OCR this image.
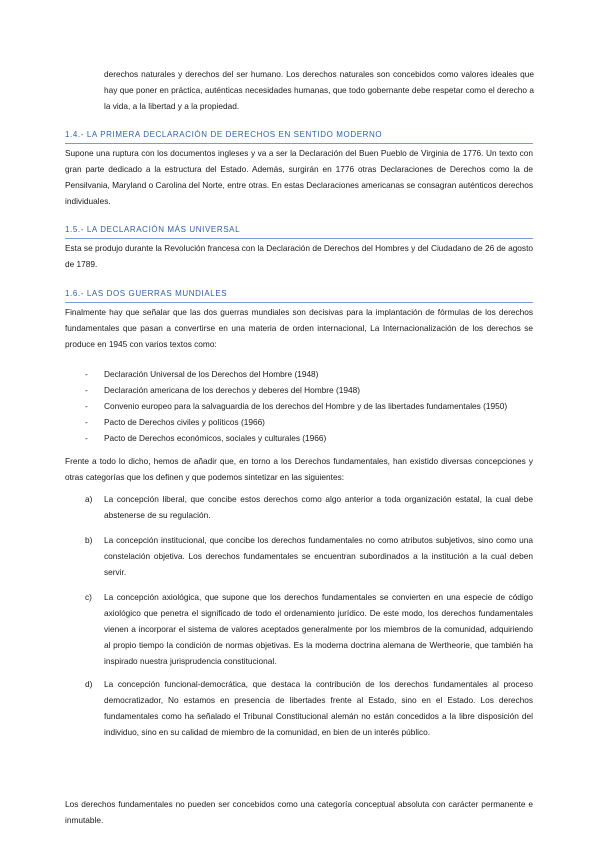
derechos naturales y derechos del ser humano. Los derechos naturales son concebidos como valores ideales que hay que poner en práctica, auténticas necesidades humanas, que todo gobernante debe respetar como el derecho a la vida, a la libertad y a la propiedad.

1.4.- LA PRIMERA DECLARACIÓN DE DERECHOS EN SENTIDO MODERNO

Supone una ruptura con los documentos ingleses y va a ser la Declaración del Buen Pueblo de Virginia de 1776. Un texto con gran parte dedicado a la estructura del Estado. Además, surgirán en 1776 otras Declaraciones de Derechos como la de Pensilvania, Maryland o Carolina del Norte, entre otras. En estas Declaraciones americanas se consagran auténticos derechos individuales.

1.5.- LA DECLARACIÓN MÁS UNIVERSAL

Esta se produjo durante la Revolución francesa con la Declaración de Derechos del Hombres y del Ciudadano de 26 de agosto de 1789.

1.6.- LAS DOS GUERRAS MUNDIALES

Finalmente hay que señalar que las dos guerras mundiales son decisivas para la implantación de fórmulas de los derechos fundamentales que pasan a convertirse en una materia de orden internacional, La Internacionalización de los derechos se produce en 1945 con varios textos como:

- Declaración Universal de los Derechos del Hombre (1948)
- Declaración americana de los derechos y deberes del Hombre (1948)
- Convenio europeo para la salvaguardia de los derechos del Hombre y de las libertades fundamentales (1950)
- Pacto de Derechos civiles y políticos (1966)
- Pacto de Derechos económicos, sociales y culturales (1966)

Frente a todo lo dicho, hemos de añadir que, en torno a los Derechos fundamentales, han existido diversas concepciones y otras categorías que los definen y que podemos sintetizar en las siguientes:

a) La concepción liberal, que concibe estos derechos como algo anterior a toda organización estatal, la cual debe abstenerse de su regulación.

b) La concepción institucional, que concibe los derechos fundamentales no como atributos subjetivos, sino como una constelación objetiva. Los derechos fundamentales se encuentran subordinados a la institución a la cual deben servir.

c) La concepción axiológica, que supone que los derechos fundamentales se convierten en una especie de código axiológico que penetra el significado de todo el ordenamiento jurídico. De este modo, los derechos fundamentales vienen a incorporar el sistema de valores aceptados generalmente por los miembros de la comunidad, adquiriendo al propio tiempo la condición de normas objetivas. Es la moderna doctrina alemana de Wertheorie, que también ha inspirado nuestra jurisprudencia constitucional.

d) La concepción funcional-democrática, que destaca la contribución de los derechos fundamentales al proceso democratizador, No estamos en presencia de libertades frente al Estado, sino en el Estado. Los derechos fundamentales como ha señalado el Tribunal Constitucional alemán no están concedidos a la libre disposición del individuo, sino en su calidad de miembro de la comunidad, en bien de un interés público.

Los derechos fundamentales no pueden ser concebidos como una categoría conceptual absoluta con carácter permanente e inmutable.
